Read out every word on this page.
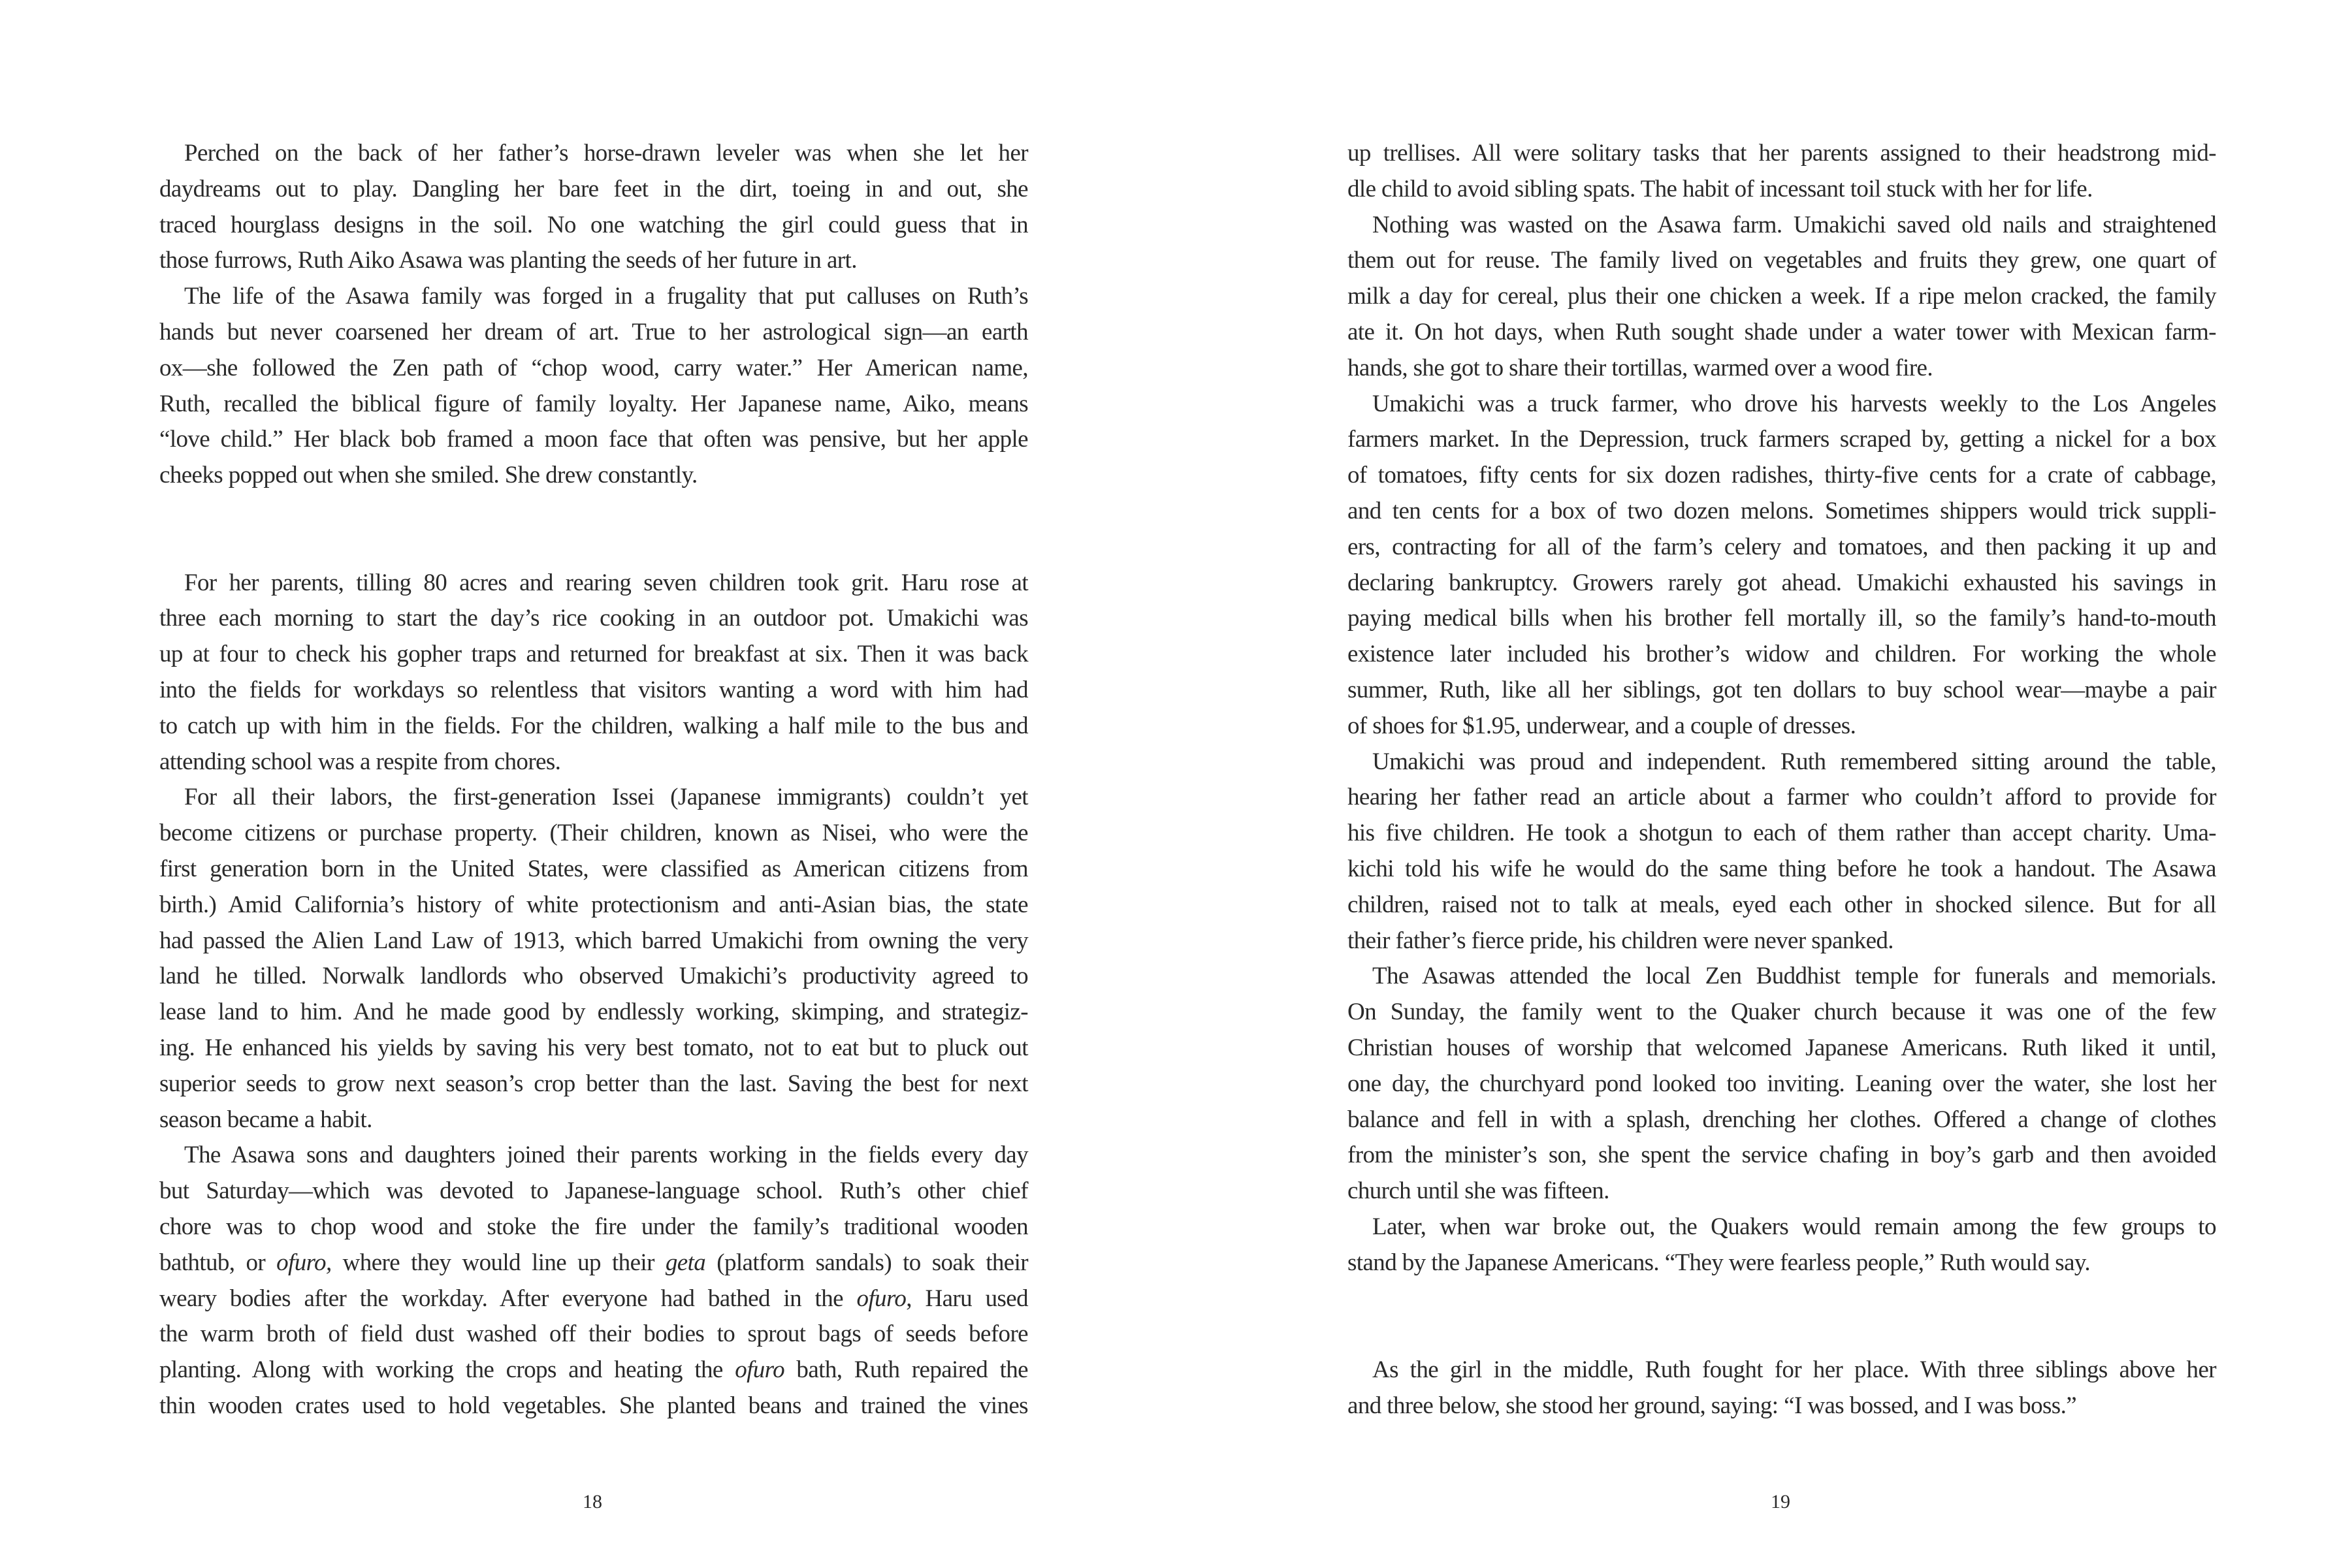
Perched on the back of her father’s horse-drawn leveler was when she let her
daydreams out to play. Dangling her bare feet in the dirt, toeing in and out, she
traced hourglass designs in the soil. No one watching the girl could guess that in
those furrows, Ruth Aiko Asawa was planting the seeds of her future in art.
The life of the Asawa family was forged in a frugality that put calluses on Ruth’s
hands but never coarsened her dream of art. True to her astrological sign—an earth
ox—she followed the Zen path of “chop wood, carry water.” Her American name,
Ruth, recalled the biblical figure of family loyalty. Her Japanese name, Aiko, means
“love child.” Her black bob framed a moon face that often was pensive, but her apple
cheeks popped out when she smiled. She drew constantly.
For her parents, tilling 80 acres and rearing seven children took grit. Haru rose at
three each morning to start the day’s rice cooking in an outdoor pot. Umakichi was
up at four to check his gopher traps and returned for breakfast at six. Then it was back
into the fields for workdays so relentless that visitors wanting a word with him had
to catch up with him in the fields. For the children, walking a half mile to the bus and
attending school was a respite from chores.
For all their labors, the first-generation Issei (Japanese immigrants) couldn’t yet
become citizens or purchase property. (Their children, known as Nisei, who were the
first generation born in the United States, were classified as American citizens from
birth.) Amid California’s history of white protectionism and anti-Asian bias, the state
had passed the Alien Land Law of 1913, which barred Umakichi from owning the very
land he tilled. Norwalk landlords who observed Umakichi’s productivity agreed to
lease land to him. And he made good by endlessly working, skimping, and strategiz-
ing. He enhanced his yields by saving his very best tomato, not to eat but to pluck out
superior seeds to grow next season’s crop better than the last. Saving the best for next
season became a habit.
The Asawa sons and daughters joined their parents working in the fields every day
but Saturday—which was devoted to Japanese-language school. Ruth’s other chief
chore was to chop wood and stoke the fire under the family’s traditional wooden
bathtub, or ofuro, where they would line up their geta (platform sandals) to soak their
weary bodies after the workday. After everyone had bathed in the ofuro, Haru used
the warm broth of field dust washed off their bodies to sprout bags of seeds before
planting. Along with working the crops and heating the ofuro bath, Ruth repaired the
thin wooden crates used to hold vegetables. She planted beans and trained the vines
18
up trellises. All were solitary tasks that her parents assigned to their headstrong mid-
dle child to avoid sibling spats. The habit of incessant toil stuck with her for life.
Nothing was wasted on the Asawa farm. Umakichi saved old nails and straightened
them out for reuse. The family lived on vegetables and fruits they grew, one quart of
milk a day for cereal, plus their one chicken a week. If a ripe melon cracked, the family
ate it. On hot days, when Ruth sought shade under a water tower with Mexican farm-
hands, she got to share their tortillas, warmed over a wood fire.
Umakichi was a truck farmer, who drove his harvests weekly to the Los Angeles
farmers market. In the Depression, truck farmers scraped by, getting a nickel for a box
of tomatoes, fifty cents for six dozen radishes, thirty-five cents for a crate of cabbage,
and ten cents for a box of two dozen melons. Sometimes shippers would trick suppli-
ers, contracting for all of the farm’s celery and tomatoes, and then packing it up and
declaring bankruptcy. Growers rarely got ahead. Umakichi exhausted his savings in
paying medical bills when his brother fell mortally ill, so the family’s hand-to-mouth
existence later included his brother’s widow and children. For working the whole
summer, Ruth, like all her siblings, got ten dollars to buy school wear—maybe a pair
of shoes for $1.95, underwear, and a couple of dresses.
Umakichi was proud and independent. Ruth remembered sitting around the table,
hearing her father read an article about a farmer who couldn’t afford to provide for
his five children. He took a shotgun to each of them rather than accept charity. Uma-
kichi told his wife he would do the same thing before he took a handout. The Asawa
children, raised not to talk at meals, eyed each other in shocked silence. But for all
their father’s fierce pride, his children were never spanked.
The Asawas attended the local Zen Buddhist temple for funerals and memorials.
On Sunday, the family went to the Quaker church because it was one of the few
Christian houses of worship that welcomed Japanese Americans. Ruth liked it until,
one day, the churchyard pond looked too inviting. Leaning over the water, she lost her
balance and fell in with a splash, drenching her clothes. Offered a change of clothes
from the minister’s son, she spent the service chafing in boy’s garb and then avoided
church until she was fifteen.
Later, when war broke out, the Quakers would remain among the few groups to
stand by the Japanese Americans. “They were fearless people,” Ruth would say.
As the girl in the middle, Ruth fought for her place. With three siblings above her
and three below, she stood her ground, saying: “I was bossed, and I was boss.”
19
